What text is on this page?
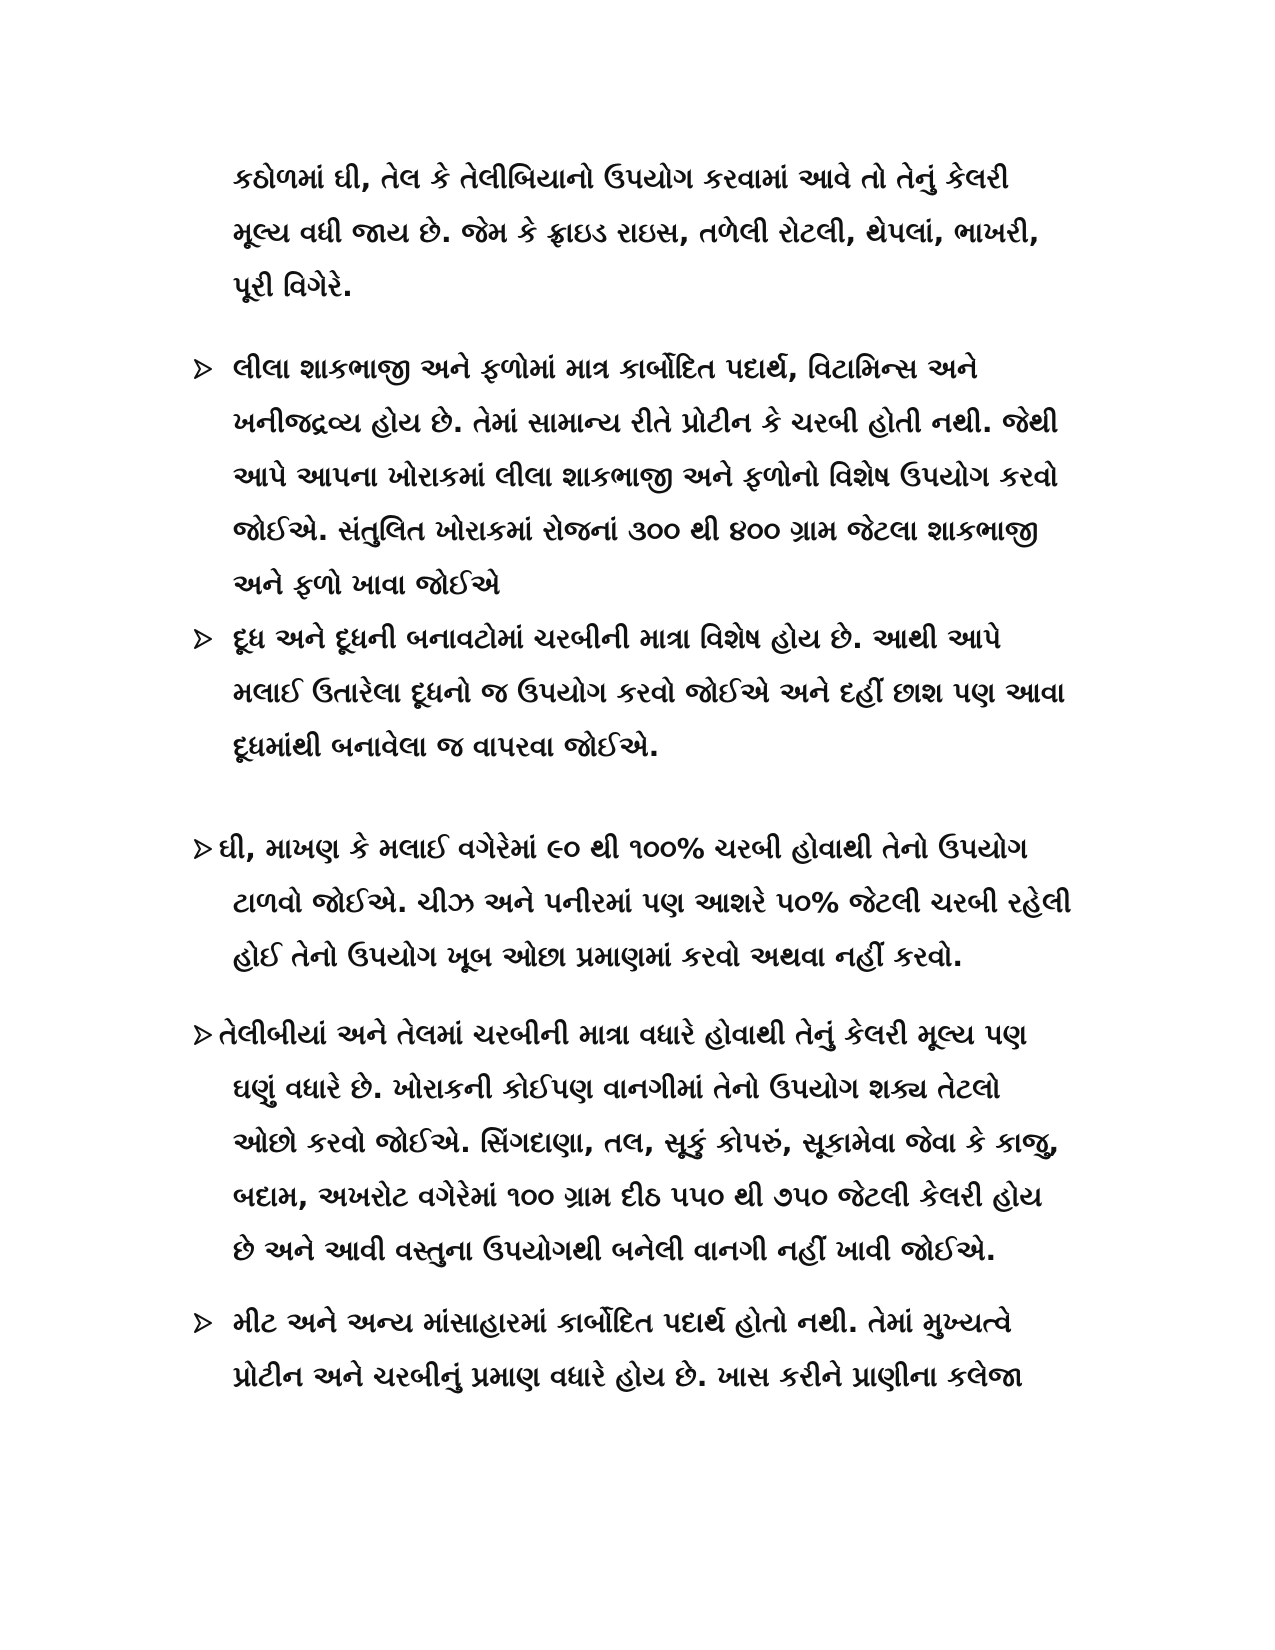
કઠોળમાં ઘી, તેલ કે તેલીબિયાનો ઉપયોગ કરવામાં આવે તો તેનું કેલરી

મૂલ્ય વધી જાય છે. જેમ કે ફ્રાઇડ રાઇસ, તળેલી રોટલી, થેપલાં, ભાખરી,

પૂરી વિગેરે.

લીલા શાકભાજી અને ફળોમાં માત્ર કાર્બોદિત પદાર્થ, વિટામિન્સ અને

ખનીજદ્રવ્ય હોય છે. તેમાં સામાન્ય રીતે પ્રોટીન કે ચરબી હોતી નથી. જેથી

આપે આપના ખોરાકમાં લીલા શાકભાજી અને ફળોનો વિશેષ ઉપયોગ કરવો

જોઈએ. સંતુલિત ખોરાકમાં રોજનાં ૩૦૦ થી ૪૦૦ ગ્રામ જેટલા શાકભાજી

અને ફળો ખાવા જોઈએ

દૂધ અને દૂધની બનાવટોમાં ચરબીની માત્રા વિશેષ હોય છે. આથી આપે

મલાઈ ઉતારેલા દૂધનો જ ઉપયોગ કરવો જોઈએ અને દહીં છાશ પણ આવા

દૂધમાંથી બનાવેલા જ વાપરવા જોઈએ.

ઘી, માખણ કે મલાઈ વગેરેમાં ૯૦ થી ૧૦૦% ચરબી હોવાથી તેનો ઉપયોગ

ટાળવો જોઈએ. ચીઝ અને પનીરમાં પણ આશરે ૫૦% જેટલી ચરબી રહેલી

હોઈ તેનો ઉપયોગ ખૂબ ઓછા પ્રમાણમાં કરવો અથવા નહીં કરવો.

તેલીબીયાં અને તેલમાં ચરબીની માત્રા વધારે હોવાથી તેનું કેલરી મૂલ્ય પણ

ઘણું વધારે છે. ખોરાકની કોઈપણ વાનગીમાં તેનો ઉપયોગ શક્ય તેટલો

ઓછો કરવો જોઈએ. સિંગદાણા, તલ, સૂકું કોપરું, સૂકામેવા જેવા કે કાજુ,

બદામ, અખરોટ વગેરેમાં ૧૦૦ ગ્રામ દીઠ ૫૫૦ થી ૭૫૦ જેટલી કેલરી હોય

છે અને આવી વસ્તુના ઉપયોગથી બનેલી વાનગી નહીં ખાવી જોઈએ.

મીટ અને અન્ય માંસાહારમાં કાર્બોદિત પદાર્થ હોતો નથી. તેમાં મુખ્યત્વે

પ્રોટીન અને ચરબીનું પ્રમાણ વધારે હોય છે. ખાસ કરીને પ્રાણીના કલેજા
